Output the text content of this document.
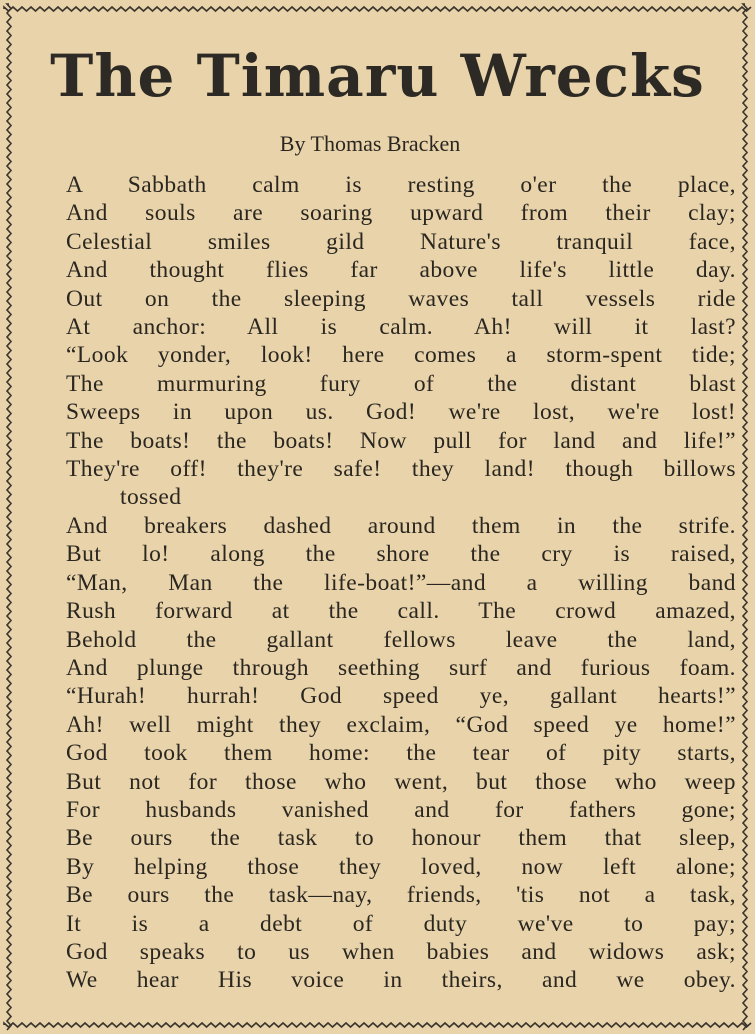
The Timaru Wrecks
By Thomas Bracken
A Sabbath calm is resting o'er the place,
And souls are soaring upward from their clay;
Celestial smiles gild Nature's tranquil face,
And thought flies far above life's little day.
Out on the sleeping waves tall vessels ride
At anchor: All is calm. Ah! will it last?
“Look yonder, look! here comes a storm-spent tide;
The murmuring fury of the distant blast
Sweeps in upon us. God! we're lost, we're lost!
The boats! the boats! Now pull for land and life!”
They're off! they're safe! they land! though billows
tossed
And breakers dashed around them in the strife.
But lo! along the shore the cry is raised,
“Man, Man the life-boat!”—and a willing band
Rush forward at the call. The crowd amazed,
Behold the gallant fellows leave the land,
And plunge through seething surf and furious foam.
“Hurah! hurrah! God speed ye, gallant hearts!”
Ah! well might they exclaim, “God speed ye home!”
God took them home: the tear of pity starts,
But not for those who went, but those who weep
For husbands vanished and for fathers gone;
Be ours the task to honour them that sleep,
By helping those they loved, now left alone;
Be ours the task—nay, friends, 'tis not a task,
It is a debt of duty we've to pay;
God speaks to us when babies and widows ask;
We hear His voice in theirs, and we obey.
